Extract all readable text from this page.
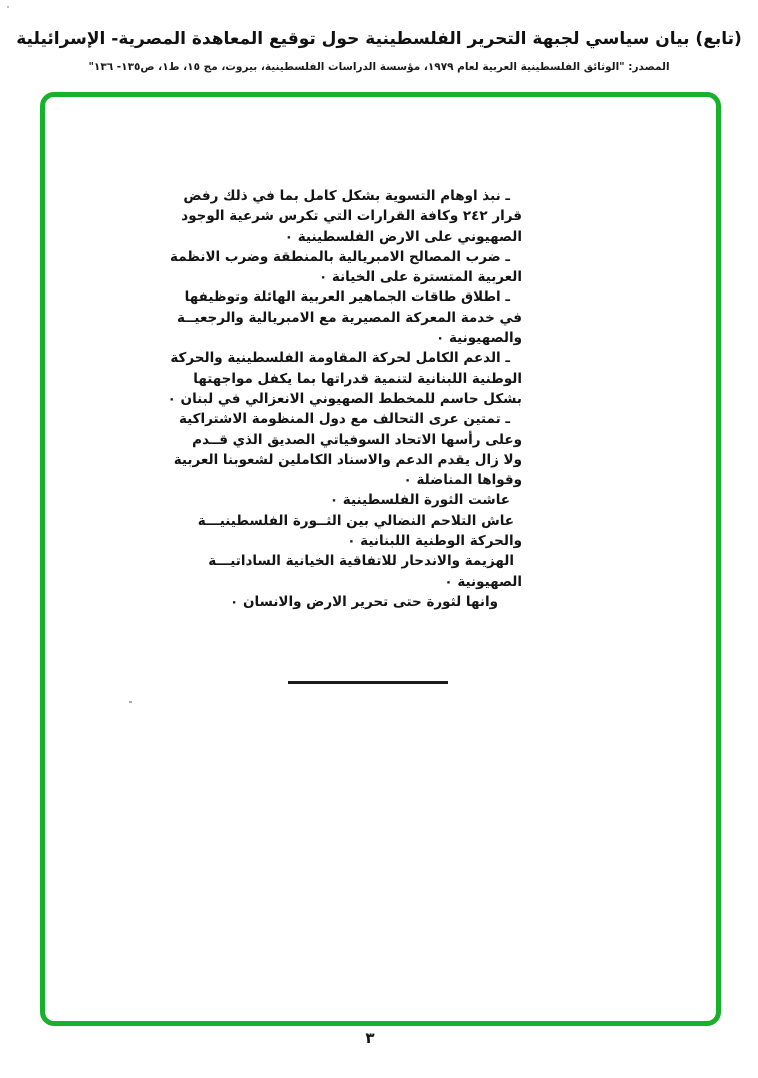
(تابع) بيان سياسي لجبهة التحرير الفلسطينية حول توقيع المعاهدة المصرية- الإسرائيلية
المصدر: "الوثائق الفلسطينية العربية لعام ١٩٧٩، مؤسسة الدراسات الفلسطينية، بيروت، مج ١٥، ط١، ص١٣٥- ١٣٦"
ـ نبذ اوهام التسوية بشكل كامل بما في ذلك رفض
قرار ٢٤٢ وكافة القرارات التي تكرس شرعية الوجود
الصهيوني على الارض الفلسطينية ٠
ـ ضرب المصالح الامبريالية بالمنطقة وضرب الانظمة
العربية المتسترة على الخيانة ٠
ـ اطلاق طاقات الجماهير العربية الهائلة وتوظيفها
في خدمة المعركة المصيرية مع الامبريالية والرجعيــة
والصهيونية ٠
ـ الدعم الكامل لحركة المقاومة الفلسطينية والحركة
الوطنية اللبنانية لتنمية قدراتها بما يكفل مواجهتها
بشكل حاسم للمخطط الصهيوني الانعزالي في لبنان ٠
ـ تمتين عرى التحالف مع دول المنظومة الاشتراكية
وعلى رأسها الاتحاد السوفياتي الصديق الذي قــدم
ولا زال يقدم الدعم والاسناد الكاملين لشعوبنا العربية
وقواها المناضلة ٠
عاشت الثورة الفلسطينية ٠
عاش التلاحم النضالي بين الثــورة الفلسطينيـــة
والحركة الوطنية اللبنانية ٠
الهزيمة والاندحار للاتفاقية الخيانية الساداتيـــة
الصهيونية ٠
وانها لثورة حتى تحرير الارض والانسان ٠
٣
